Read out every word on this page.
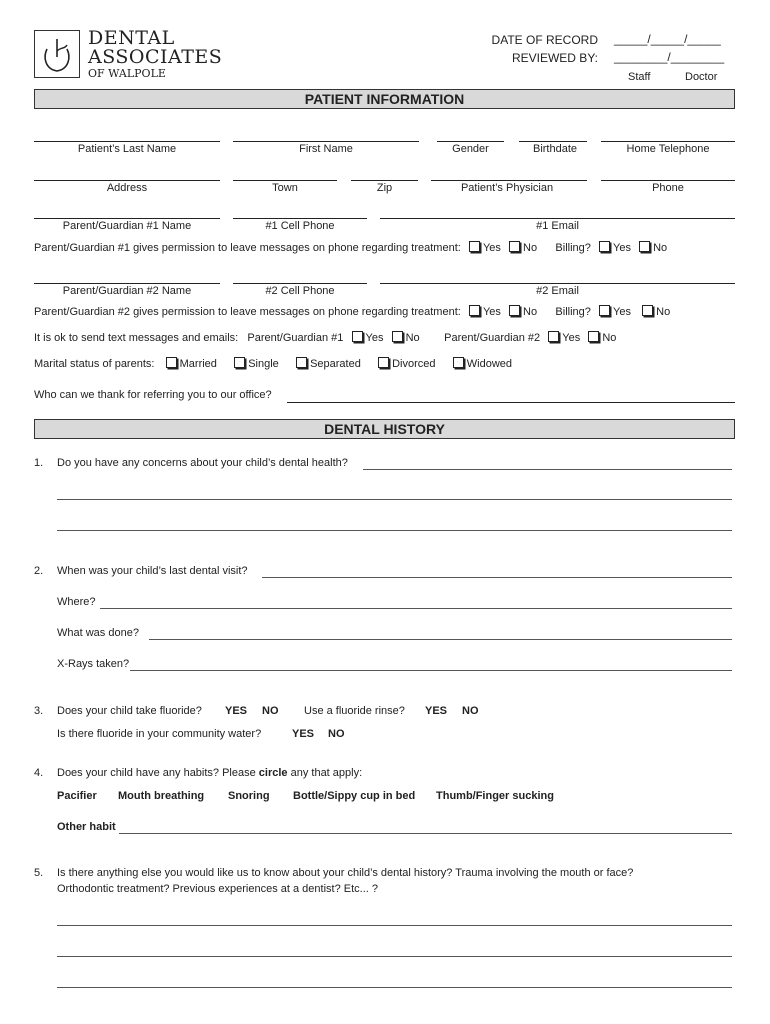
DENTAL
ASSOCIATES
OF WALPOLE
DATE OF RECORD _____/_____/_____
REVIEWED BY: ________/________
Staff	Doctor
PATIENT INFORMATION
Patient’s Last Name	First Name	Gender	Birthdate	Home Telephone
Address	Town	Zip	Patient’s Physician	Phone
Parent/Guardian #1 Name	#1 Cell Phone	#1 Email
Parent/Guardian #1 gives permission to leave messages on phone regarding treatment: Yes No Billing? Yes No
Parent/Guardian #2 Name	#2 Cell Phone	#2 Email
Parent/Guardian #2 gives permission to leave messages on phone regarding treatment: Yes No Billing? Yes No
It is ok to send text messages and emails: Parent/Guardian #1 Yes No Parent/Guardian #2 Yes No
Marital status of parents: Married	Single	Separated	Divorced	Widowed
Who can we thank for referring you to our office?
DENTAL HISTORY
1. Do you have any concerns about your child’s dental health?
2. When was your child’s last dental visit?
Where?
What was done?
X-Rays taken?
3. Does your child take fluoride? YES NO Use a fluoride rinse? YES NO
Is there fluoride in your community water?	YES NO
4. Does your child have any habits? Please circle any that apply:
Pacifier Mouth breathing Snoring Bottle/Sippy cup in bed Thumb/Finger sucking
Other habit
5. Is there anything else you would like us to know about your child’s dental history? Trauma involving the mouth or face?
Orthodontic treatment? Previous experiences at a dentist? Etc... ?
